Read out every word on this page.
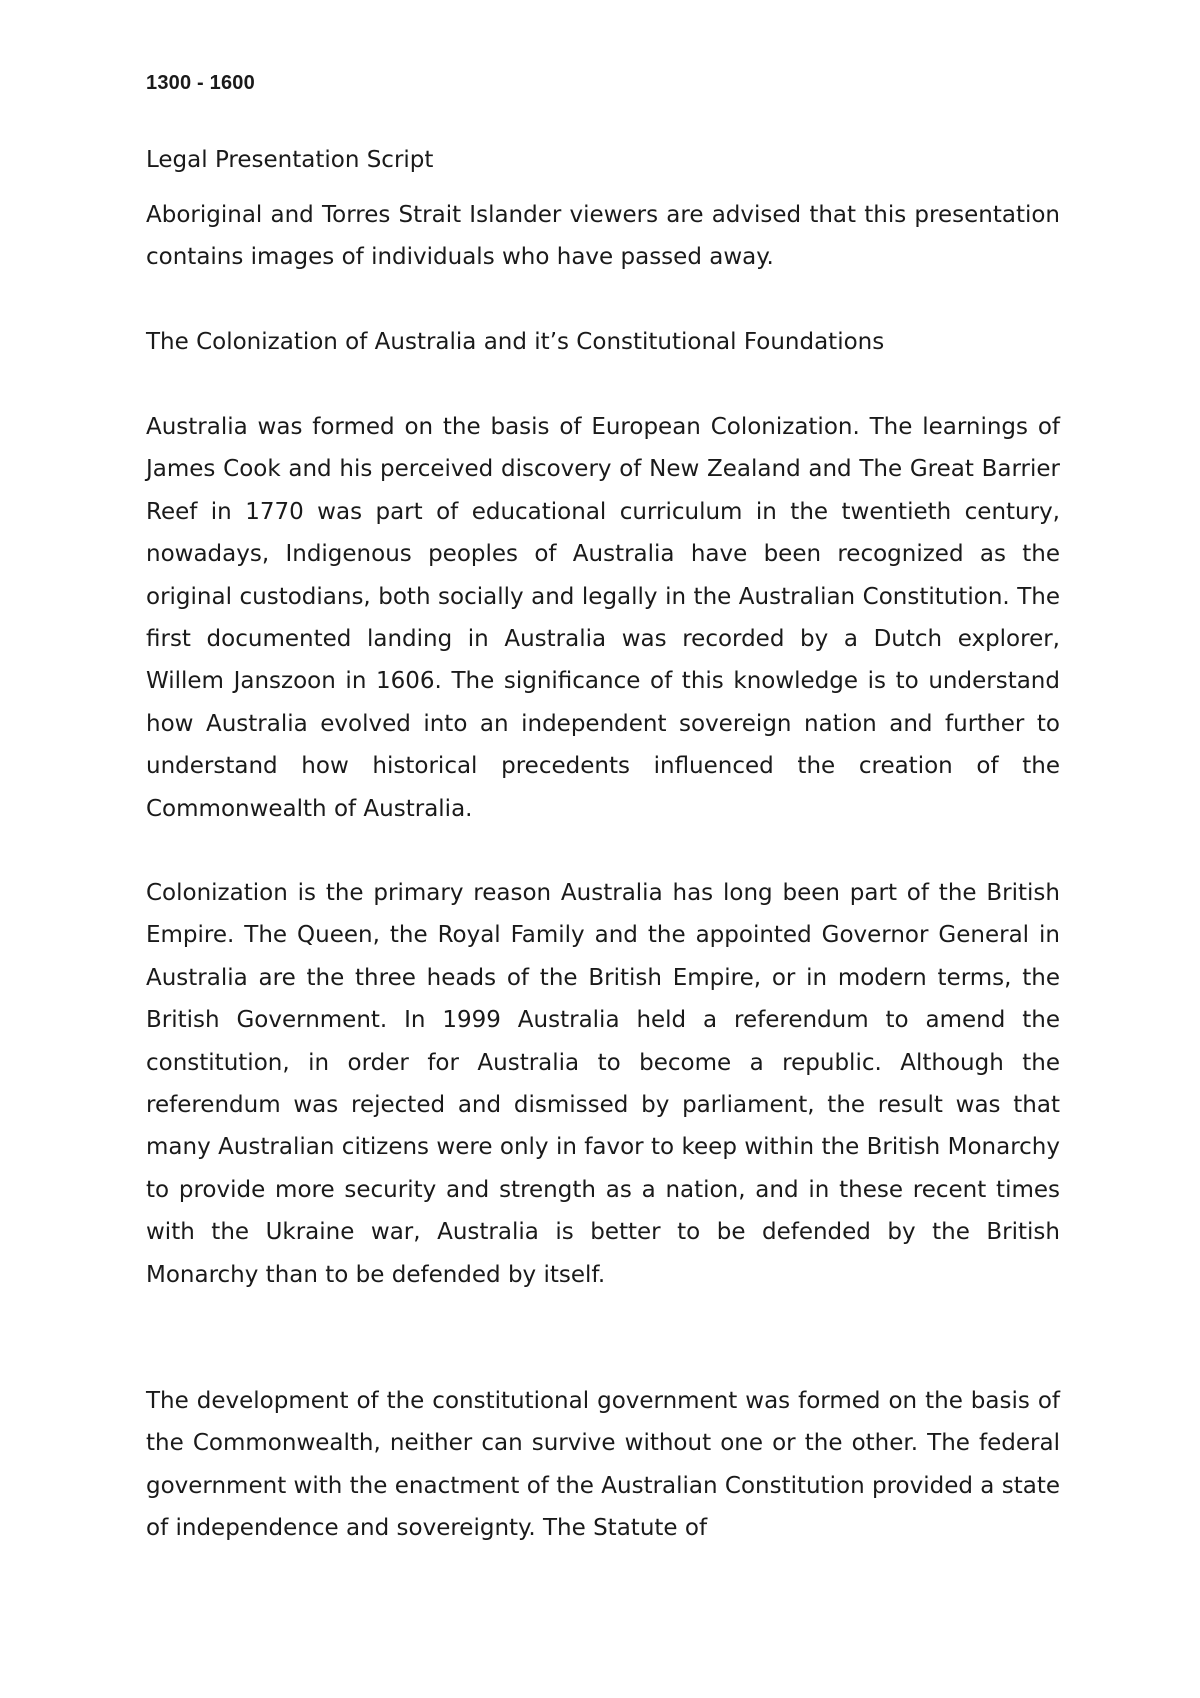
1300 - 1600
Legal Presentation Script

Aboriginal and Torres Strait Islander viewers are advised that this presentation contains images of individuals who have passed away.

The Colonization of Australia and it’s Constitutional Foundations

Australia was formed on the basis of European Colonization. The learnings of James Cook and his perceived discovery of New Zealand and The Great Barrier Reef in 1770 was part of educational curriculum in the twentieth century, nowadays, Indigenous peoples of Australia have been recognized as the original custodians, both socially and legally in the Australian Constitution. The first documented landing in Australia was recorded by a Dutch explorer, Willem Janszoon in 1606. The significance of this knowledge is to understand how Australia evolved into an independent sovereign nation and further to understand how historical precedents influenced the creation of the Commonwealth of Australia.

Colonization is the primary reason Australia has long been part of the British Empire. The Queen, the Royal Family and the appointed Governor General in Australia are the three heads of the British Empire, or in modern terms, the British Government. In 1999 Australia held a referendum to amend the constitution, in order for Australia to become a republic. Although the referendum was rejected and dismissed by parliament, the result was that many Australian citizens were only in favor to keep within the British Monarchy to provide more security and strength as a nation, and in these recent times with the Ukraine war, Australia is better to be defended by the British Monarchy than to be defended by itself.

The development of the constitutional government was formed on the basis of the Commonwealth, neither can survive without one or the other. The federal government with the enactment of the Australian Constitution provided a state of independence and sovereignty. The Statute of
